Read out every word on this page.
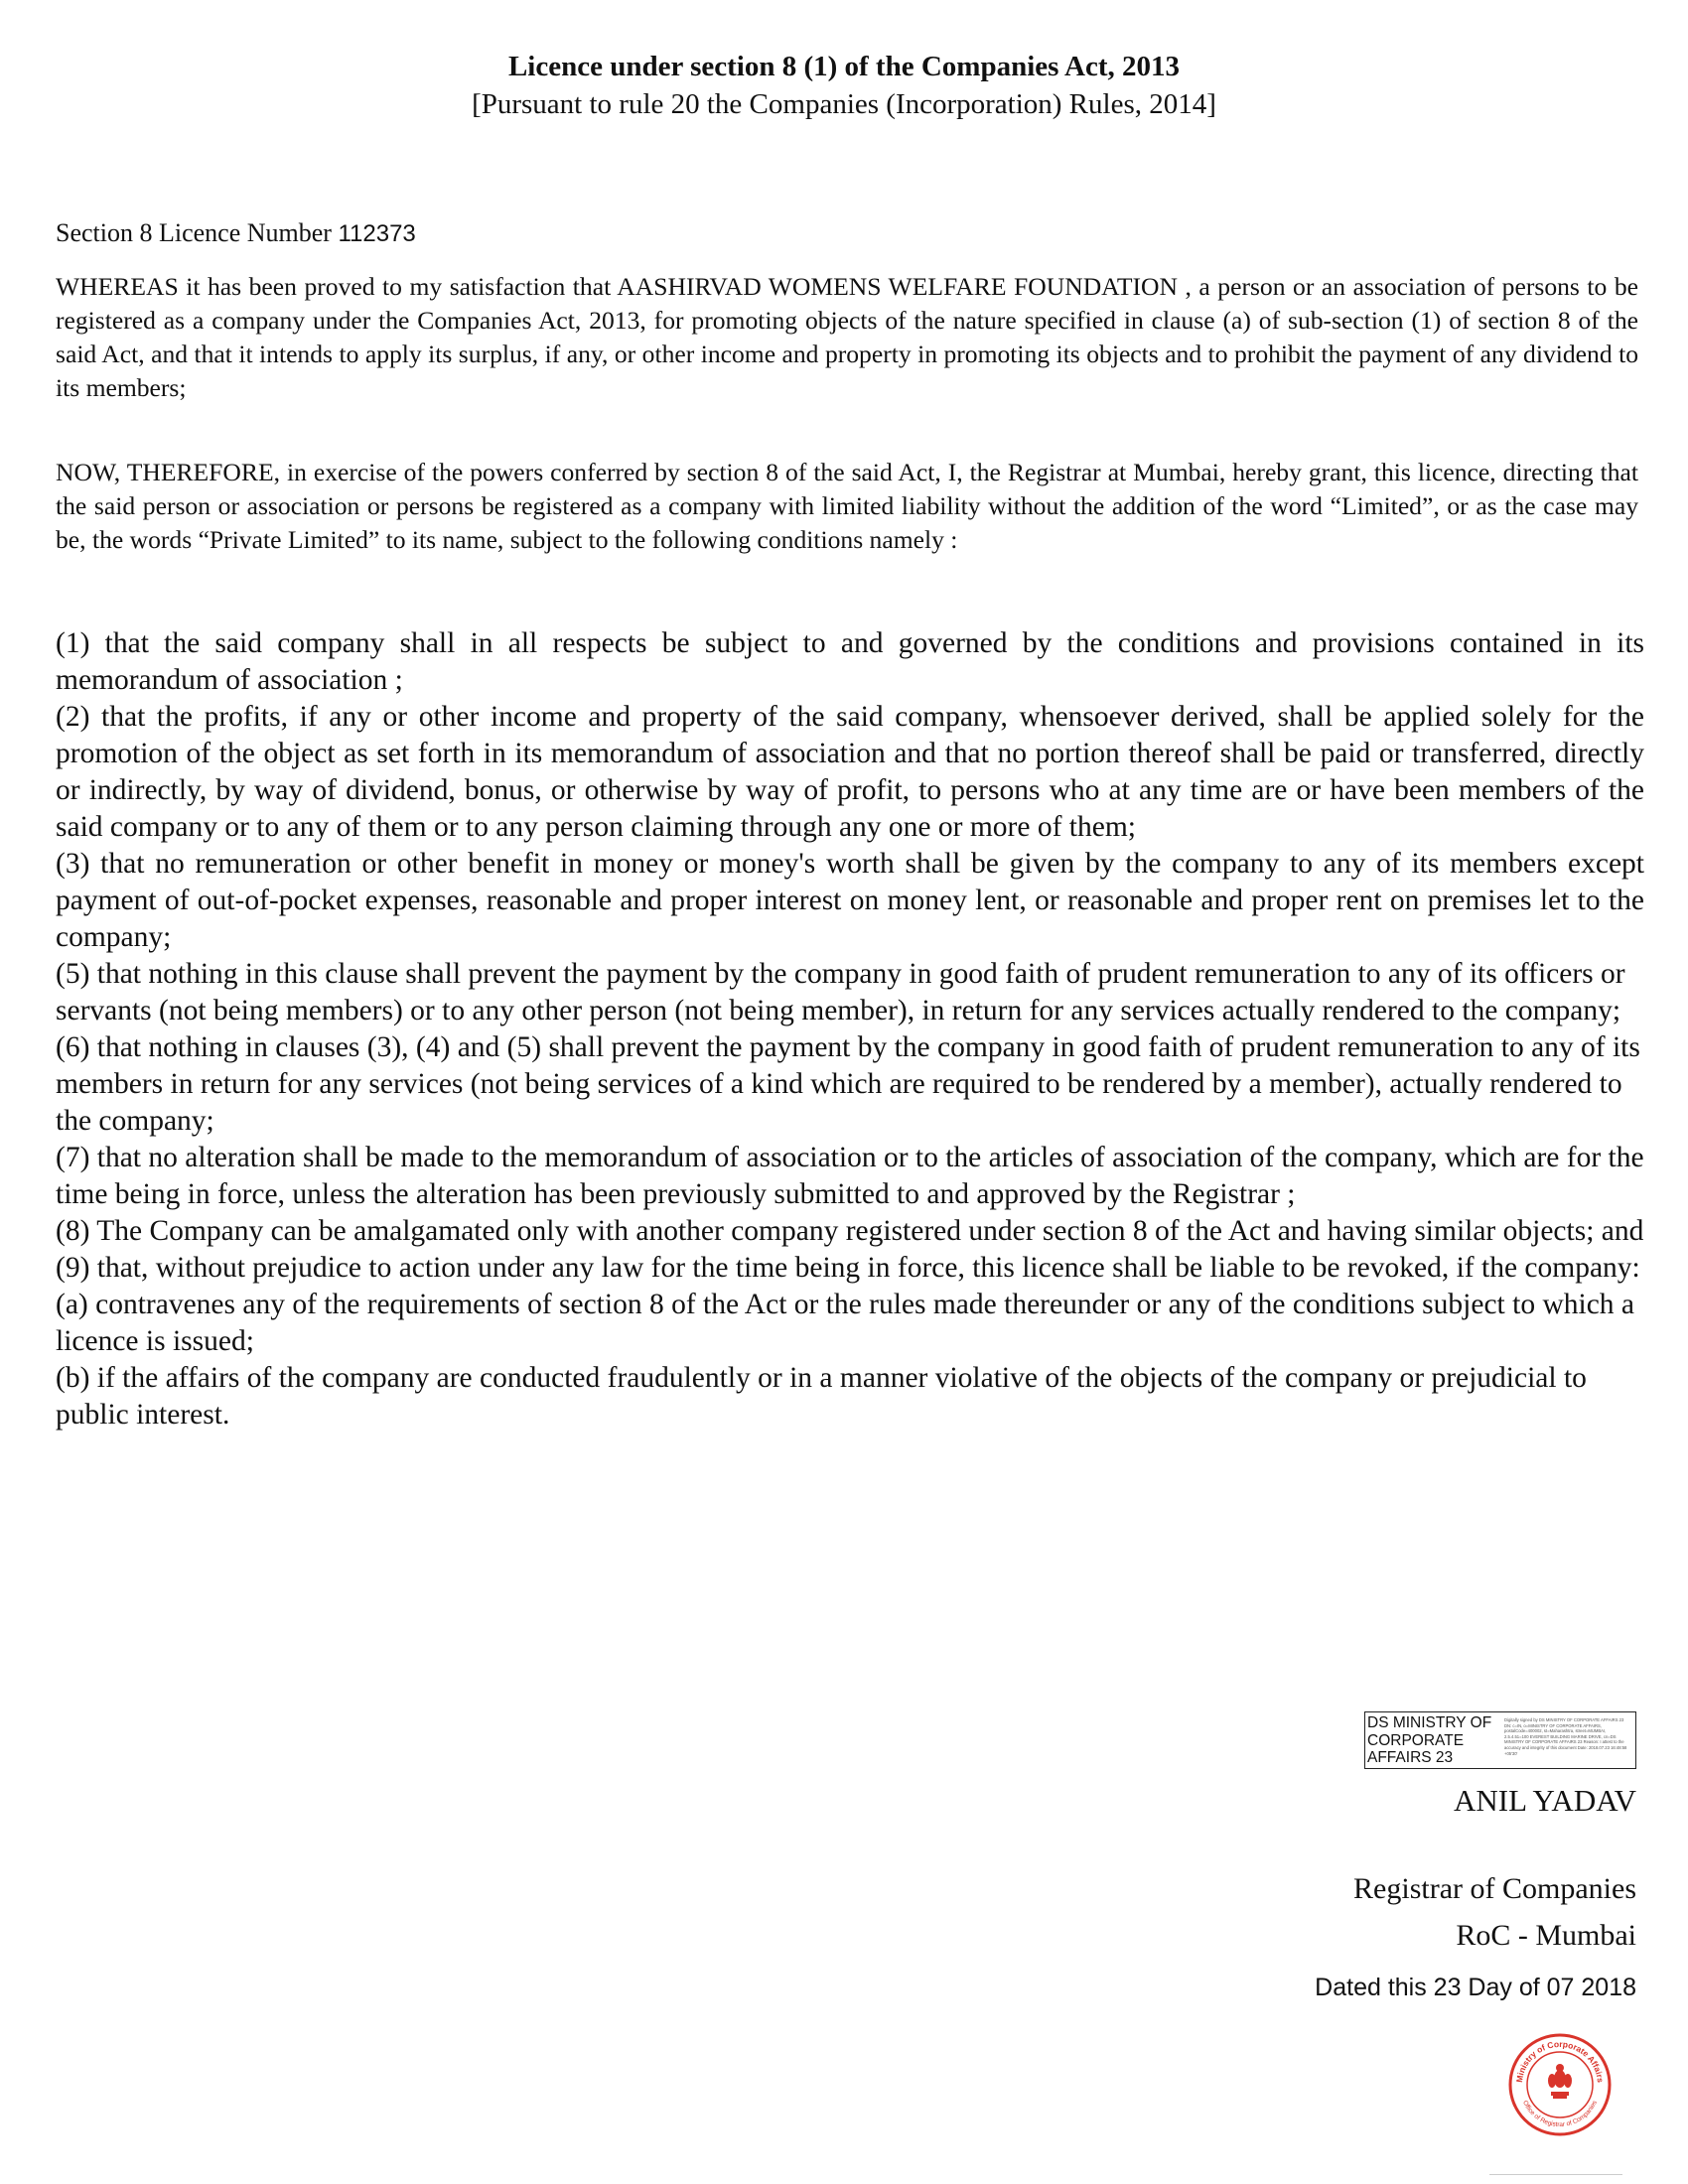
Licence under section 8 (1) of the Companies Act, 2013
[Pursuant to rule 20 the Companies (Incorporation) Rules, 2014]
Section 8 Licence Number 112373

WHEREAS it has been proved to my satisfaction that AASHIRVAD WOMENS WELFARE FOUNDATION , a person or an association of persons to be registered as a company under the Companies Act, 2013, for promoting objects of the nature specified in clause (a) of sub-section (1) of section 8 of the said Act, and that it intends to apply its surplus, if any, or other income and property in promoting its objects and to prohibit the payment of any dividend to its members;

NOW, THEREFORE, in exercise of the powers conferred by section 8 of the said Act, I, the Registrar at Mumbai, hereby grant, this licence, directing that the said person or association or persons be registered as a company with limited liability without the addition of the word “Limited”, or as the case may be, the words “Private Limited” to its name, subject to the following conditions namely :

(1) that the said company shall in all respects be subject to and governed by the conditions and provisions contained in its memorandum of association ;
(2) that the profits, if any or other income and property of the said company, whensoever derived, shall be applied solely for the promotion of the object as set forth in its memorandum of association and that no portion thereof shall be paid or transferred, directly or indirectly, by way of dividend, bonus, or otherwise by way of profit, to persons who at any time are or have been members of the said company or to any of them or to any person claiming through any one or more of them;
(3) that no remuneration or other benefit in money or money's worth shall be given by the company to any of its members except payment of out-of-pocket expenses, reasonable and proper interest on money lent, or reasonable and proper rent on premises let to the company;
(5) that nothing in this clause shall prevent the payment by the company in good faith of prudent remuneration to any of its officers or servants (not being members) or to any other person (not being member), in return for any services actually rendered to the company;
(6) that nothing in clauses (3), (4) and (5) shall prevent the payment by the company in good faith of prudent remuneration to any of its members in return for any services (not being services of a kind which are required to be rendered by a member), actually rendered to the company;
(7) that no alteration shall be made to the memorandum of association or to the articles of association of the company, which are for the time being in force, unless the alteration has been previously submitted to and approved by the Registrar ;
(8) The Company can be amalgamated only with another company registered under section 8 of the Act and having similar objects; and
(9) that, without prejudice to action under any law for the time being in force, this licence shall be liable to be revoked, if the company:
(a) contravenes any of the requirements of section 8 of the Act or the rules made thereunder or any of the conditions subject to which a licence is issued;
(b) if the affairs of the company are conducted fraudulently or in a manner violative of the objects of the company or prejudicial to public interest.
DS MINISTRY OF
CORPORATE
AFFAIRS 23
Digitally signed by DS MINISTRY OF CORPORATE AFFAIRS 23 DN: c=IN, o=MINISTRY OF CORPORATE AFFAIRS, postalCode=400002, st=Maharashtra, street=MUMBAI, 2.5.4.51=100 EVEREST BUILDING MARINE DRIVE, cn=DS MINISTRY OF CORPORATE AFFAIRS 23 Reason: I attest to the accuracy and integrity of this document Date: 2018.07.23 16:48:58 +05'30'
ANIL YADAV
Registrar of Companies
RoC - Mumbai
Dated this 23 Day of 07 2018
Ministry of Corporate Affairs
Office of Registrar of Companies
